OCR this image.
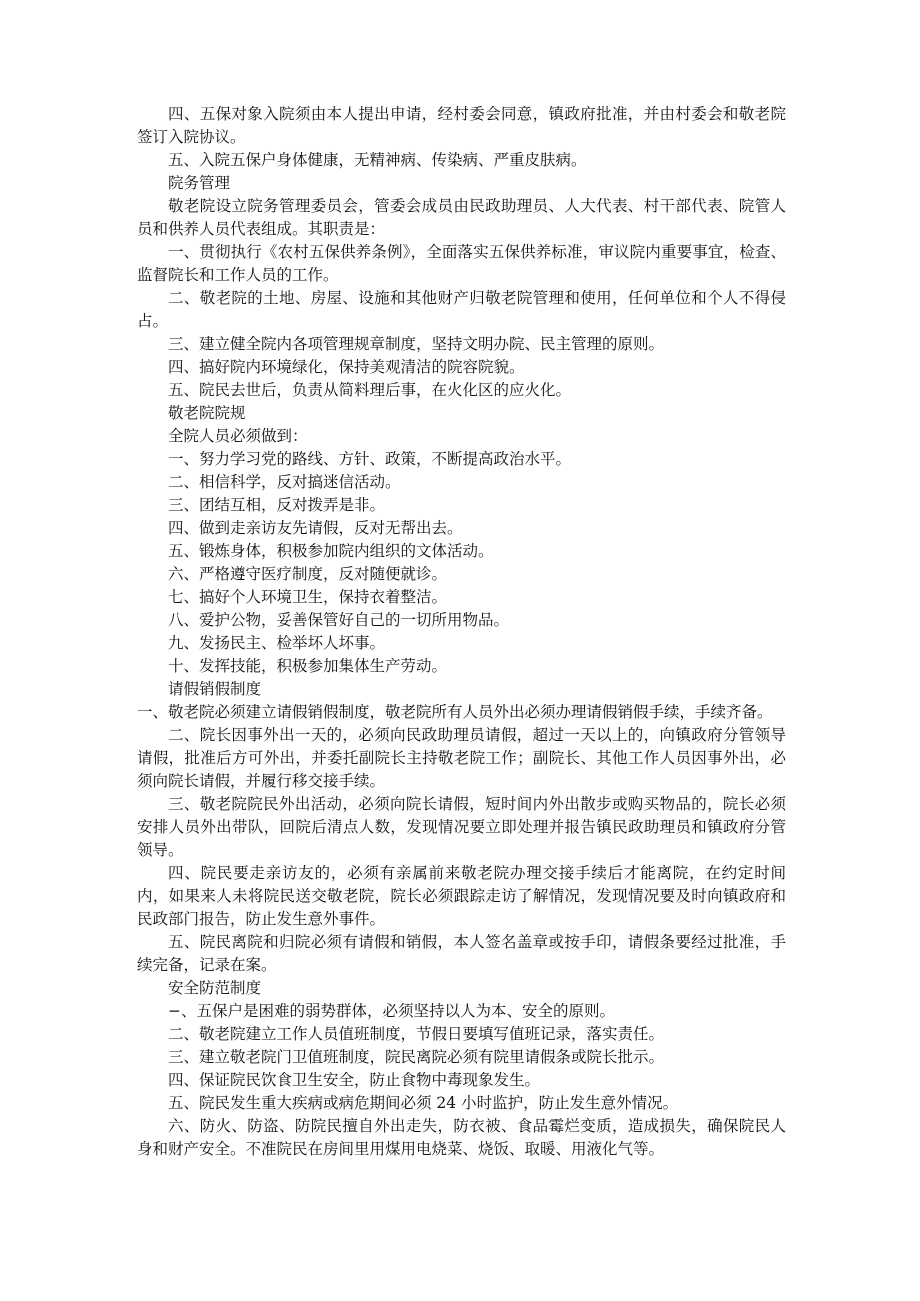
四、五保对象入院须由本人提出申请，经村委会同意，镇政府批准，并由村委会和敬老院签订入院协议。

五、入院五保户身体健康，无精神病、传染病、严重皮肤病。

院务管理

敬老院设立院务管理委员会，管委会成员由民政助理员、人大代表、村干部代表、院管人员和供养人员代表组成。其职责是：

一、贯彻执行《农村五保供养条例》，全面落实五保供养标准，审议院内重要事宜，检查、监督院长和工作人员的工作。

二、敬老院的土地、房屋、设施和其他财产归敬老院管理和使用，任何单位和个人不得侵占。

三、建立健全院内各项管理规章制度，坚持文明办院、民主管理的原则。

四、搞好院内环境绿化，保持美观清洁的院容院貌。

五、院民去世后，负责从简料理后事，在火化区的应火化。

敬老院院规

全院人员必须做到：

一、努力学习党的路线、方针、政策，不断提高政治水平。

二、相信科学，反对搞迷信活动。

三、团结互相，反对拨弄是非。

四、做到走亲访友先请假，反对无帮出去。

五、锻炼身体，积极参加院内组织的文体活动。

六、严格遵守医疗制度，反对随便就诊。

七、搞好个人环境卫生，保持衣着整洁。

八、爱护公物，妥善保管好自己的一切所用物品。

九、发扬民主、检举坏人坏事。

十、发挥技能，积极参加集体生产劳动。

请假销假制度

一、敬老院必须建立请假销假制度，敬老院所有人员外出必须办理请假销假手续，手续齐备。

二、院长因事外出一天的，必须向民政助理员请假，超过一天以上的，向镇政府分管领导请假，批准后方可外出，并委托副院长主持敬老院工作；副院长、其他工作人员因事外出，必须向院长请假，并履行移交接手续。

三、敬老院院民外出活动，必须向院长请假，短时间内外出散步或购买物品的，院长必须安排人员外出带队，回院后清点人数，发现情况要立即处理并报告镇民政助理员和镇政府分管领导。

四、院民要走亲访友的，必须有亲属前来敬老院办理交接手续后才能离院，在约定时间内，如果来人未将院民送交敬老院，院长必须跟踪走访了解情况，发现情况要及时向镇政府和民政部门报告，防止发生意外事件。

五、院民离院和归院必须有请假和销假，本人签名盖章或按手印，请假条要经过批准，手续完备，记录在案。

安全防范制度

−、五保户是困难的弱势群体，必须坚持以人为本、安全的原则。

二、敬老院建立工作人员值班制度，节假日要填写值班记录，落实责任。

三、建立敬老院门卫值班制度，院民离院必须有院里请假条或院长批示。

四、保证院民饮食卫生安全，防止食物中毒现象发生。

五、院民发生重大疾病或病危期间必须 24 小时监护，防止发生意外情况。

六、防火、防盗、防院民擅自外出走失，防衣被、食品霉烂变质，造成损失，确保院民人身和财产安全。不准院民在房间里用煤用电烧菜、烧饭、取暖、用液化气等。
